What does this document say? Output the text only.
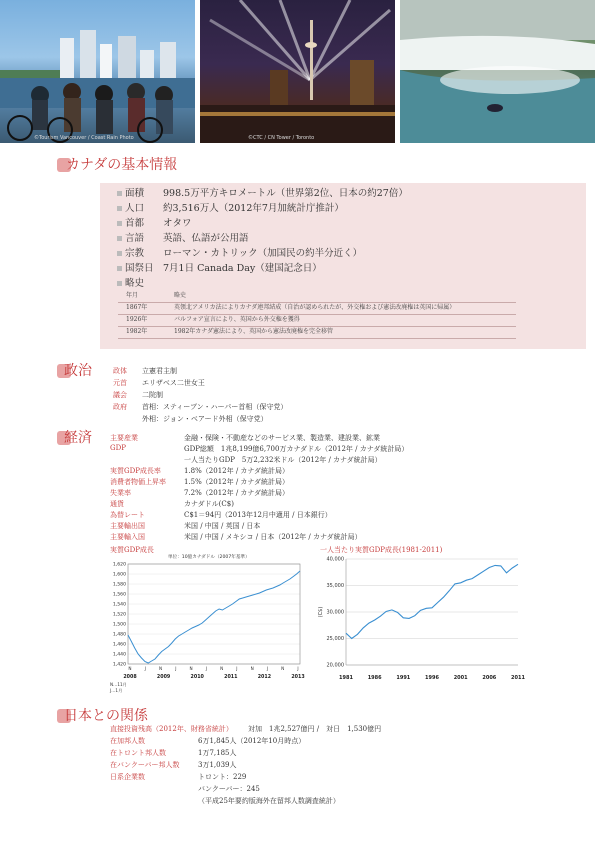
©Tourism Vancouver / Coast Rain Photo	©CTC / CN Tower / Toronto
カナダの基本情報
面積 998.5万平方キロメートル（世界第2位、日本の約27倍）
人口 約3,516万人（2012年7月加統計庁推計）
首都 オタワ
言語 英語、仏語が公用語
宗教 ローマン・カトリック（加国民の約半分近く）
国祭日 7月1日 Canada Day（建国記念日）
略史
年月	略史
1867年	英領北アメリカ法によりカナダ連邦結成（自治が認められたが、外交権および憲法改廃権は英国に帰属）
1926年	バルフォア宣言により、英国から外交権を獲得
1982年	1982年カナダ憲法により、英国から憲法改廃権を完全移管
政治	政体 立憲君主制
元首 エリザベス二世女王
議会 二院制
政府 首相：スティーブン・ハーパー首相（保守党）
外相：ジョン・ベアード外相（保守党）
経済	主要産業	金融・保険・不動産などのサービス業、製造業、建設業、鉱業
GDP	GDP総額　1兆8,199億6,700万カナダドル（2012年 / カナダ統計局）
一人当たりGDP　5万2,232米ドル（2012年 / カナダ統計局）
実質GDP成長率	1.8%（2012年 / カナダ統計局）
消費者物価上昇率	1.5%（2012年 / カナダ統計局）
失業率	7.2%（2012年 / カナダ統計局）
通貨	カナダドル(C$)
為替レート	C$1＝94円（2013年12月中適用 / 日本銀行）
主要輸出国	米国 / 中国 / 英国 / 日本
主要輸入国	米国 / 中国 / メキシコ / 日本（2012年 / カナダ統計局）
実質GDP成長	一人当たり実質GDP成長(1981-2011)
単位：10億カナダドル（2007年基準）
1,420
1,440
1,460
1,480
1,500
1,520
1,540
1,560
1,580
1,600
1,620
N	J	N	J	N	J	N	J	N	J	N	J
2008	2009	2010	2011	2012	2013
N…11月
J…1月
20,000
25,000
30,000
35,000
40,000
(C$)
1981	1986	1991	1996	2001	2006	2011
日本との関係
直接投資残高（2012年、財務省統計） 対加　1兆2,527億円 /　対日　1,530億円
在加邦人数	6万1,845人（2012年10月時点）
在トロント邦人数	1万7,185人
在バンクーバー邦人数	3万1,039人
日系企業数	トロント：229
バンクーバー：245
（平成25年要約版海外在留邦人数調査統計）
